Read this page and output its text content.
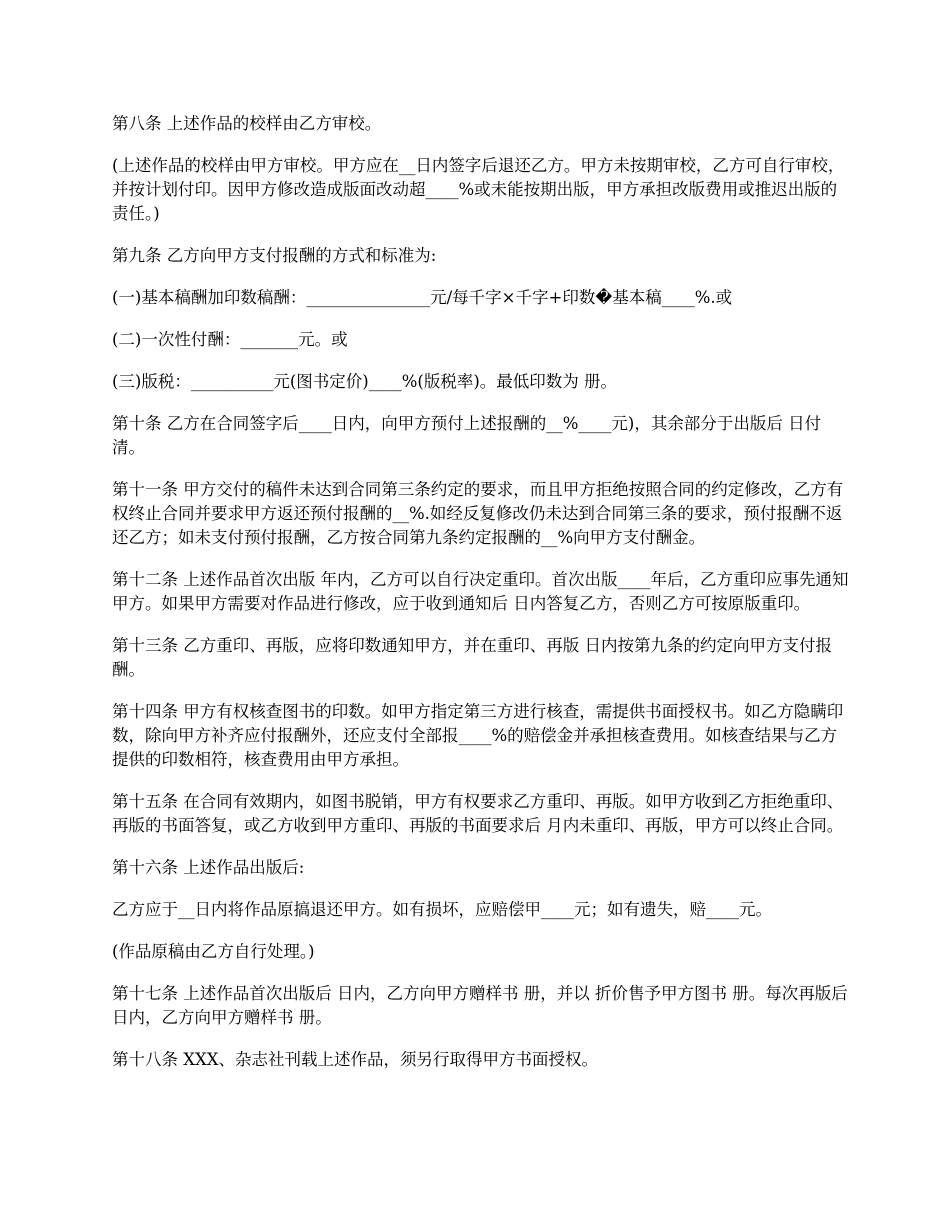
第八条 上述作品的校样由乙方审校。

(上述作品的校样由甲方审校。甲方应在__日内签字后退还乙方。甲方未按期审校，乙方可自行审校，并按计划付印。因甲方修改造成版面改动超____%或未能按期出版，甲方承担改版费用或推迟出版的责任。)

第九条 乙方向甲方支付报酬的方式和标准为:

(一)基本稿酬加印数稿酬：_______________元/每千字×千字+印数�基本稿____%.或

(二)一次性付酬：_______元。或

(三)版税：__________元(图书定价)____%(版税率)。最低印数为 册。

第十条 乙方在合同签字后____日内，向甲方预付上述报酬的__%____元)，其余部分于出版后 日付清。

第十一条 甲方交付的稿件未达到合同第三条约定的要求，而且甲方拒绝按照合同的约定修改，乙方有权终止合同并要求甲方返还预付报酬的__%.如经反复修改仍未达到合同第三条的要求，预付报酬不返还乙方；如未支付预付报酬，乙方按合同第九条约定报酬的__%向甲方支付酬金。

第十二条 上述作品首次出版 年内，乙方可以自行决定重印。首次出版____年后，乙方重印应事先通知甲方。如果甲方需要对作品进行修改，应于收到通知后 日内答复乙方，否则乙方可按原版重印。

第十三条 乙方重印、再版，应将印数通知甲方，并在重印、再版 日内按第九条的约定向甲方支付报酬。

第十四条 甲方有权核查图书的印数。如甲方指定第三方进行核查，需提供书面授权书。如乙方隐瞒印数，除向甲方补齐应付报酬外，还应支付全部报____%的赔偿金并承担核查费用。如核查结果与乙方提供的印数相符，核查费用由甲方承担。

第十五条 在合同有效期内，如图书脱销，甲方有权要求乙方重印、再版。如甲方收到乙方拒绝重印、再版的书面答复，或乙方收到甲方重印、再版的书面要求后 月内未重印、再版，甲方可以终止合同。

第十六条 上述作品出版后:

乙方应于__日内将作品原搞退还甲方。如有损坏，应赔偿甲____元；如有遗失，赔____元。

(作品原稿由乙方自行处理。)

第十七条 上述作品首次出版后 日内，乙方向甲方赠样书 册，并以 折价售予甲方图书 册。每次再版后 日内，乙方向甲方赠样书 册。

第十八条 XXX、杂志社刊载上述作品，须另行取得甲方书面授权。
